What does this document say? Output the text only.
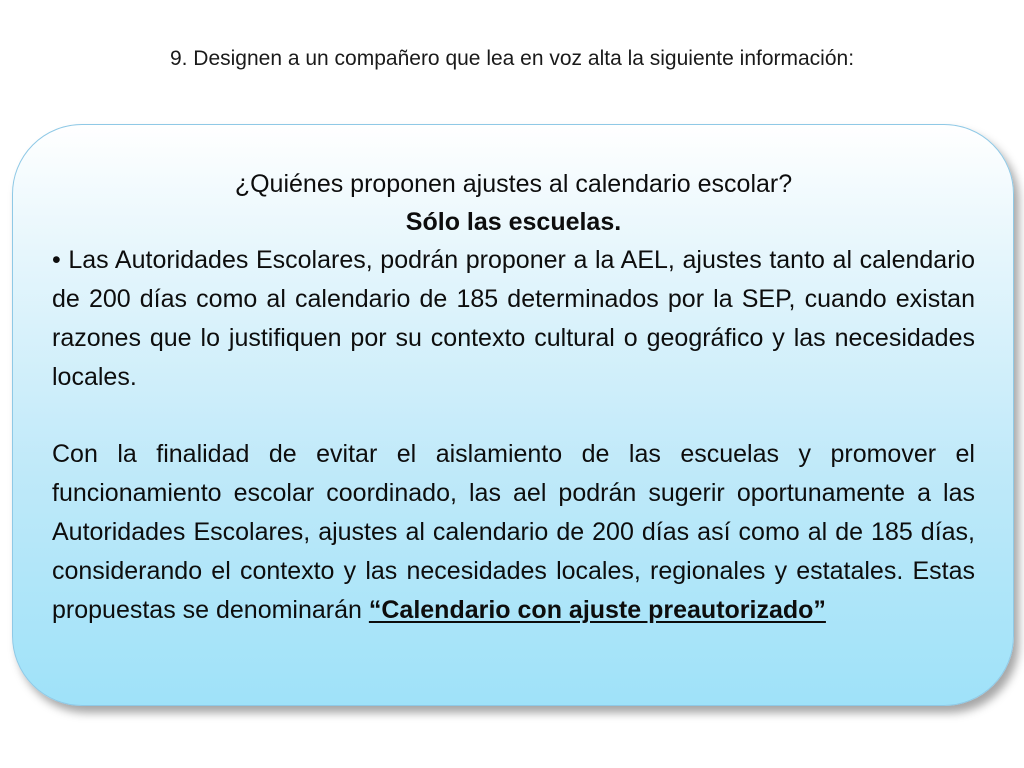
9. Designen a un compañero que lea en voz alta la siguiente información:

¿Quiénes proponen ajustes al calendario escolar?

Sólo las escuelas.

• Las Autoridades Escolares, podrán proponer a la AEL, ajustes tanto al calendario de 200 días como al calendario de 185 determinados por la SEP, cuando existan razones que lo justifiquen por su contexto cultural o geográfico y las necesidades locales.

Con la finalidad de evitar el aislamiento de las escuelas y promover el funcionamiento escolar coordinado, las ael podrán sugerir oportunamente a las Autoridades Escolares, ajustes al calendario de 200 días así como al de 185 días, considerando el contexto y las necesidades locales, regionales y estatales. Estas propuestas se denominarán “Calendario con ajuste preautorizado”
